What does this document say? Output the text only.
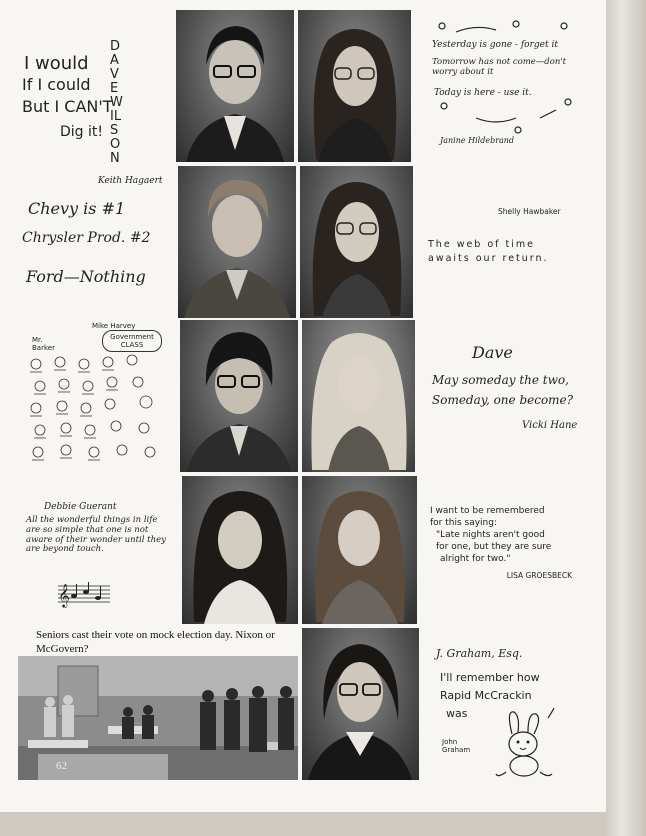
62
Seniors cast their vote on mock election day. Nixon or McGovern?
I would
If I could
But I CAN'T
Dig it!
DAVE WILSON
Keith Hagaert
Chevy is #1
Chrysler Prod. #2
Ford—Nothing
Mr. Barker
Mike Harvey
Government CLASS
Debbie Guerant
All the wonderful things in life are so simple that one is not aware of their wonder until they are beyond touch.
𝄞
Yesterday is gone - forget it
Tomorrow has not come—don't worry about it
Today is here - use it.
Janine Hildebrand
Shelly Hawbaker
The web of time awaits our return.
Dave
May someday the two,
Someday, one become?
Vicki Hane
I want to be remembered
for this saying:
"Late nights aren't good
for one, but they are sure
alright for two."
LISA GROESBECK
J. Graham, Esq.
I'll remember how
Rapid McCrackin
was
John Graham
